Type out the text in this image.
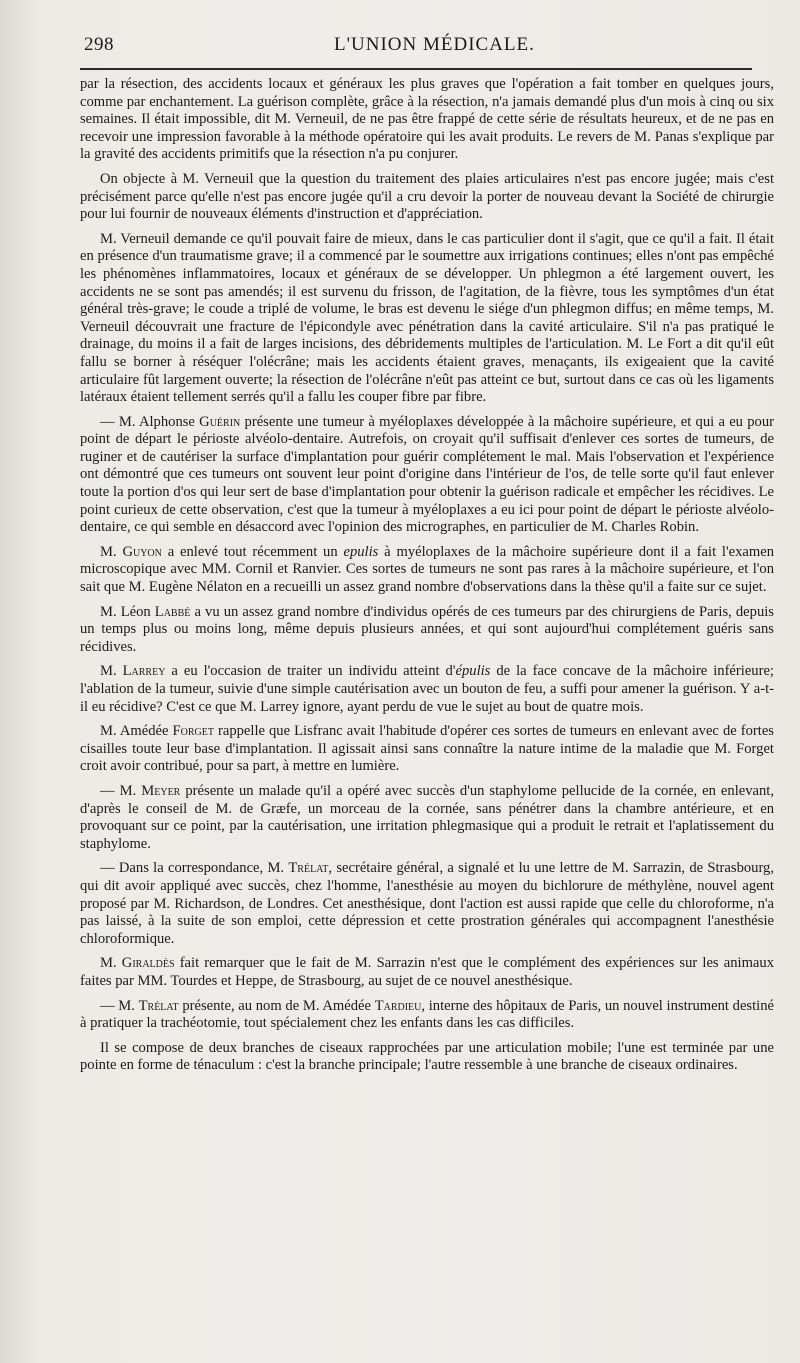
298	L'UNION MÉDICALE.

par la résection, des accidents locaux et généraux les plus graves que l'opération a fait tomber en quelques jours, comme par enchantement. La guérison complète, grâce à la résection, n'a jamais demandé plus d'un mois à cinq ou six semaines. Il était impossible, dit M. Verneuil, de ne pas être frappé de cette série de résultats heureux, et de ne pas en recevoir une impression favorable à la méthode opératoire qui les avait produits. Le revers de M. Panas s'explique par la gravité des accidents primitifs que la résection n'a pu conjurer.

On objecte à M. Verneuil que la question du traitement des plaies articulaires n'est pas encore jugée; mais c'est précisément parce qu'elle n'est pas encore jugée qu'il a cru devoir la porter de nouveau devant la Société de chirurgie pour lui fournir de nouveaux éléments d'instruction et d'appréciation.

M. Verneuil demande ce qu'il pouvait faire de mieux, dans le cas particulier dont il s'agit, que ce qu'il a fait. Il était en présence d'un traumatisme grave; il a commencé par le soumettre aux irrigations continues; elles n'ont pas empêché les phénomènes inflammatoires, locaux et généraux de se développer. Un phlegmon a été largement ouvert, les accidents ne se sont pas amendés; il est survenu du frisson, de l'agitation, de la fièvre, tous les symptômes d'un état général très-grave; le coude a triplé de volume, le bras est devenu le siége d'un phlegmon diffus; en même temps, M. Verneuil découvrait une fracture de l'épicondyle avec pénétration dans la cavité articulaire. S'il n'a pas pratiqué le drainage, du moins il a fait de larges incisions, des débridements multiples de l'articulation. M. Le Fort a dit qu'il eût fallu se borner à réséquer l'olécrâne; mais les accidents étaient graves, menaçants, ils exigeaient que la cavité articulaire fût largement ouverte; la résection de l'olécrâne n'eût pas atteint ce but, surtout dans ce cas où les ligaments latéraux étaient tellement serrés qu'il a fallu les couper fibre par fibre.

— M. Alphonse Guérin présente une tumeur à myéloplaxes développée à la mâchoire supérieure, et qui a eu pour point de départ le périoste alvéolo-dentaire. Autrefois, on croyait qu'il suffisait d'enlever ces sortes de tumeurs, de ruginer et de cautériser la surface d'implantation pour guérir complétement le mal. Mais l'observation et l'expérience ont démontré que ces tumeurs ont souvent leur point d'origine dans l'intérieur de l'os, de telle sorte qu'il faut enlever toute la portion d'os qui leur sert de base d'implantation pour obtenir la guérison radicale et empêcher les récidives. Le point curieux de cette observation, c'est que la tumeur à myéloplaxes a eu ici pour point de départ le périoste alvéolo-dentaire, ce qui semble en désaccord avec l'opinion des micrographes, en particulier de M. Charles Robin.

M. Guyon a enlevé tout récemment un epulis à myéloplaxes de la mâchoire supérieure dont il a fait l'examen microscopique avec MM. Cornil et Ranvier. Ces sortes de tumeurs ne sont pas rares à la mâchoire supérieure, et l'on sait que M. Eugène Nélaton en a recueilli un assez grand nombre d'observations dans la thèse qu'il a faite sur ce sujet.

M. Léon Labbé a vu un assez grand nombre d'individus opérés de ces tumeurs par des chirurgiens de Paris, depuis un temps plus ou moins long, même depuis plusieurs années, et qui sont aujourd'hui complétement guéris sans récidives.

M. Larrey a eu l'occasion de traiter un individu atteint d'épulis de la face concave de la mâchoire inférieure; l'ablation de la tumeur, suivie d'une simple cautérisation avec un bouton de feu, a suffi pour amener la guérison. Y a-t-il eu récidive? C'est ce que M. Larrey ignore, ayant perdu de vue le sujet au bout de quatre mois.

M. Amédée Forget rappelle que Lisfranc avait l'habitude d'opérer ces sortes de tumeurs en enlevant avec de fortes cisailles toute leur base d'implantation. Il agissait ainsi sans connaître la nature intime de la maladie que M. Forget croit avoir contribué, pour sa part, à mettre en lumière.

— M. Meyer présente un malade qu'il a opéré avec succès d'un staphylome pellucide de la cornée, en enlevant, d'après le conseil de M. de Græfe, un morceau de la cornée, sans pénétrer dans la chambre antérieure, et en provoquant sur ce point, par la cautérisation, une irritation phlegmasique qui a produit le retrait et l'aplatissement du staphylome.

— Dans la correspondance, M. Trélat, secrétaire général, a signalé et lu une lettre de M. Sarrazin, de Strasbourg, qui dit avoir appliqué avec succès, chez l'homme, l'anesthésie au moyen du bichlorure de méthylène, nouvel agent proposé par M. Richardson, de Londres. Cet anesthésique, dont l'action est aussi rapide que celle du chloroforme, n'a pas laissé, à la suite de son emploi, cette dépression et cette prostration générales qui accompagnent l'anesthésie chloroformique.

M. Giraldès fait remarquer que le fait de M. Sarrazin n'est que le complément des expériences sur les animaux faites par MM. Tourdes et Heppe, de Strasbourg, au sujet de ce nouvel anesthésique.

— M. Trélat présente, au nom de M. Amédée Tardieu, interne des hôpitaux de Paris, un nouvel instrument destiné à pratiquer la trachéotomie, tout spécialement chez les enfants dans les cas difficiles.

Il se compose de deux branches de ciseaux rapprochées par une articulation mobile; l'une est terminée par une pointe en forme de ténaculum : c'est la branche principale; l'autre ressemble à une branche de ciseaux ordinaires.
